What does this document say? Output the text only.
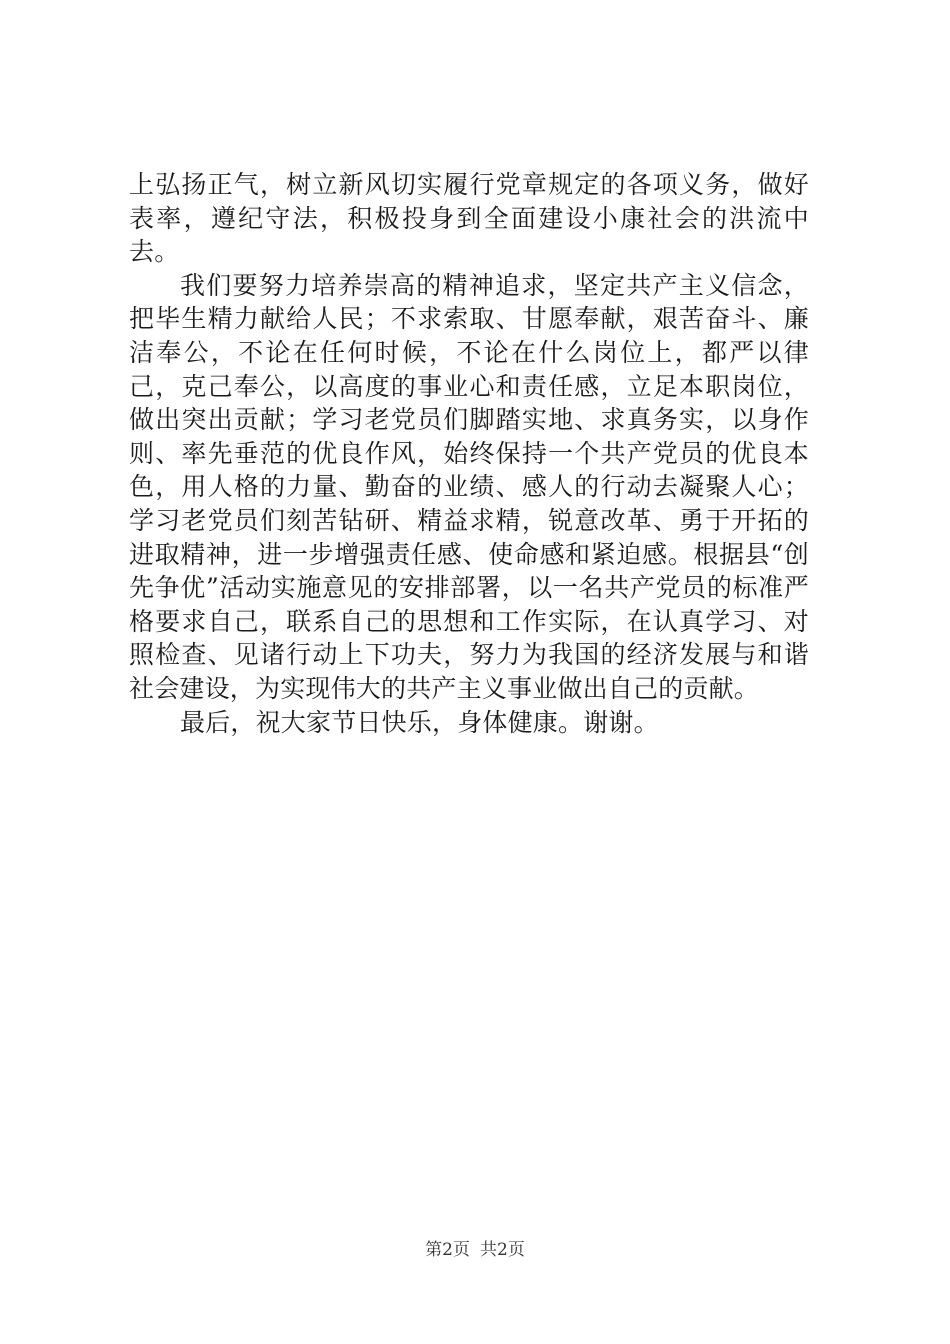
上弘扬正气，树立新风切实履行党章规定的各项义务，做好表率，遵纪守法，积极投身到全面建设小康社会的洪流中去。

我们要努力培养崇高的精神追求，坚定共产主义信念，把毕生精力献给人民；不求索取、甘愿奉献，艰苦奋斗、廉洁奉公，不论在任何时候，不论在什么岗位上，都严以律己，克己奉公，以高度的事业心和责任感，立足本职岗位，做出突出贡献；学习老党员们脚踏实地、求真务实，以身作则、率先垂范的优良作风，始终保持一个共产党员的优良本色，用人格的力量、勤奋的业绩、感人的行动去凝聚人心；学习老党员们刻苦钻研、精益求精，锐意改革、勇于开拓的进取精神，进一步增强责任感、使命感和紧迫感。根据县“创先争优”活动实施意见的安排部署，以一名共产党员的标准严格要求自己，联系自己的思想和工作实际，在认真学习、对照检查、见诸行动上下功夫，努力为我国的经济发展与和谐社会建设，为实现伟大的共产主义事业做出自己的贡献。

最后，祝大家节日快乐，身体健康。谢谢。

第2页 共2页
